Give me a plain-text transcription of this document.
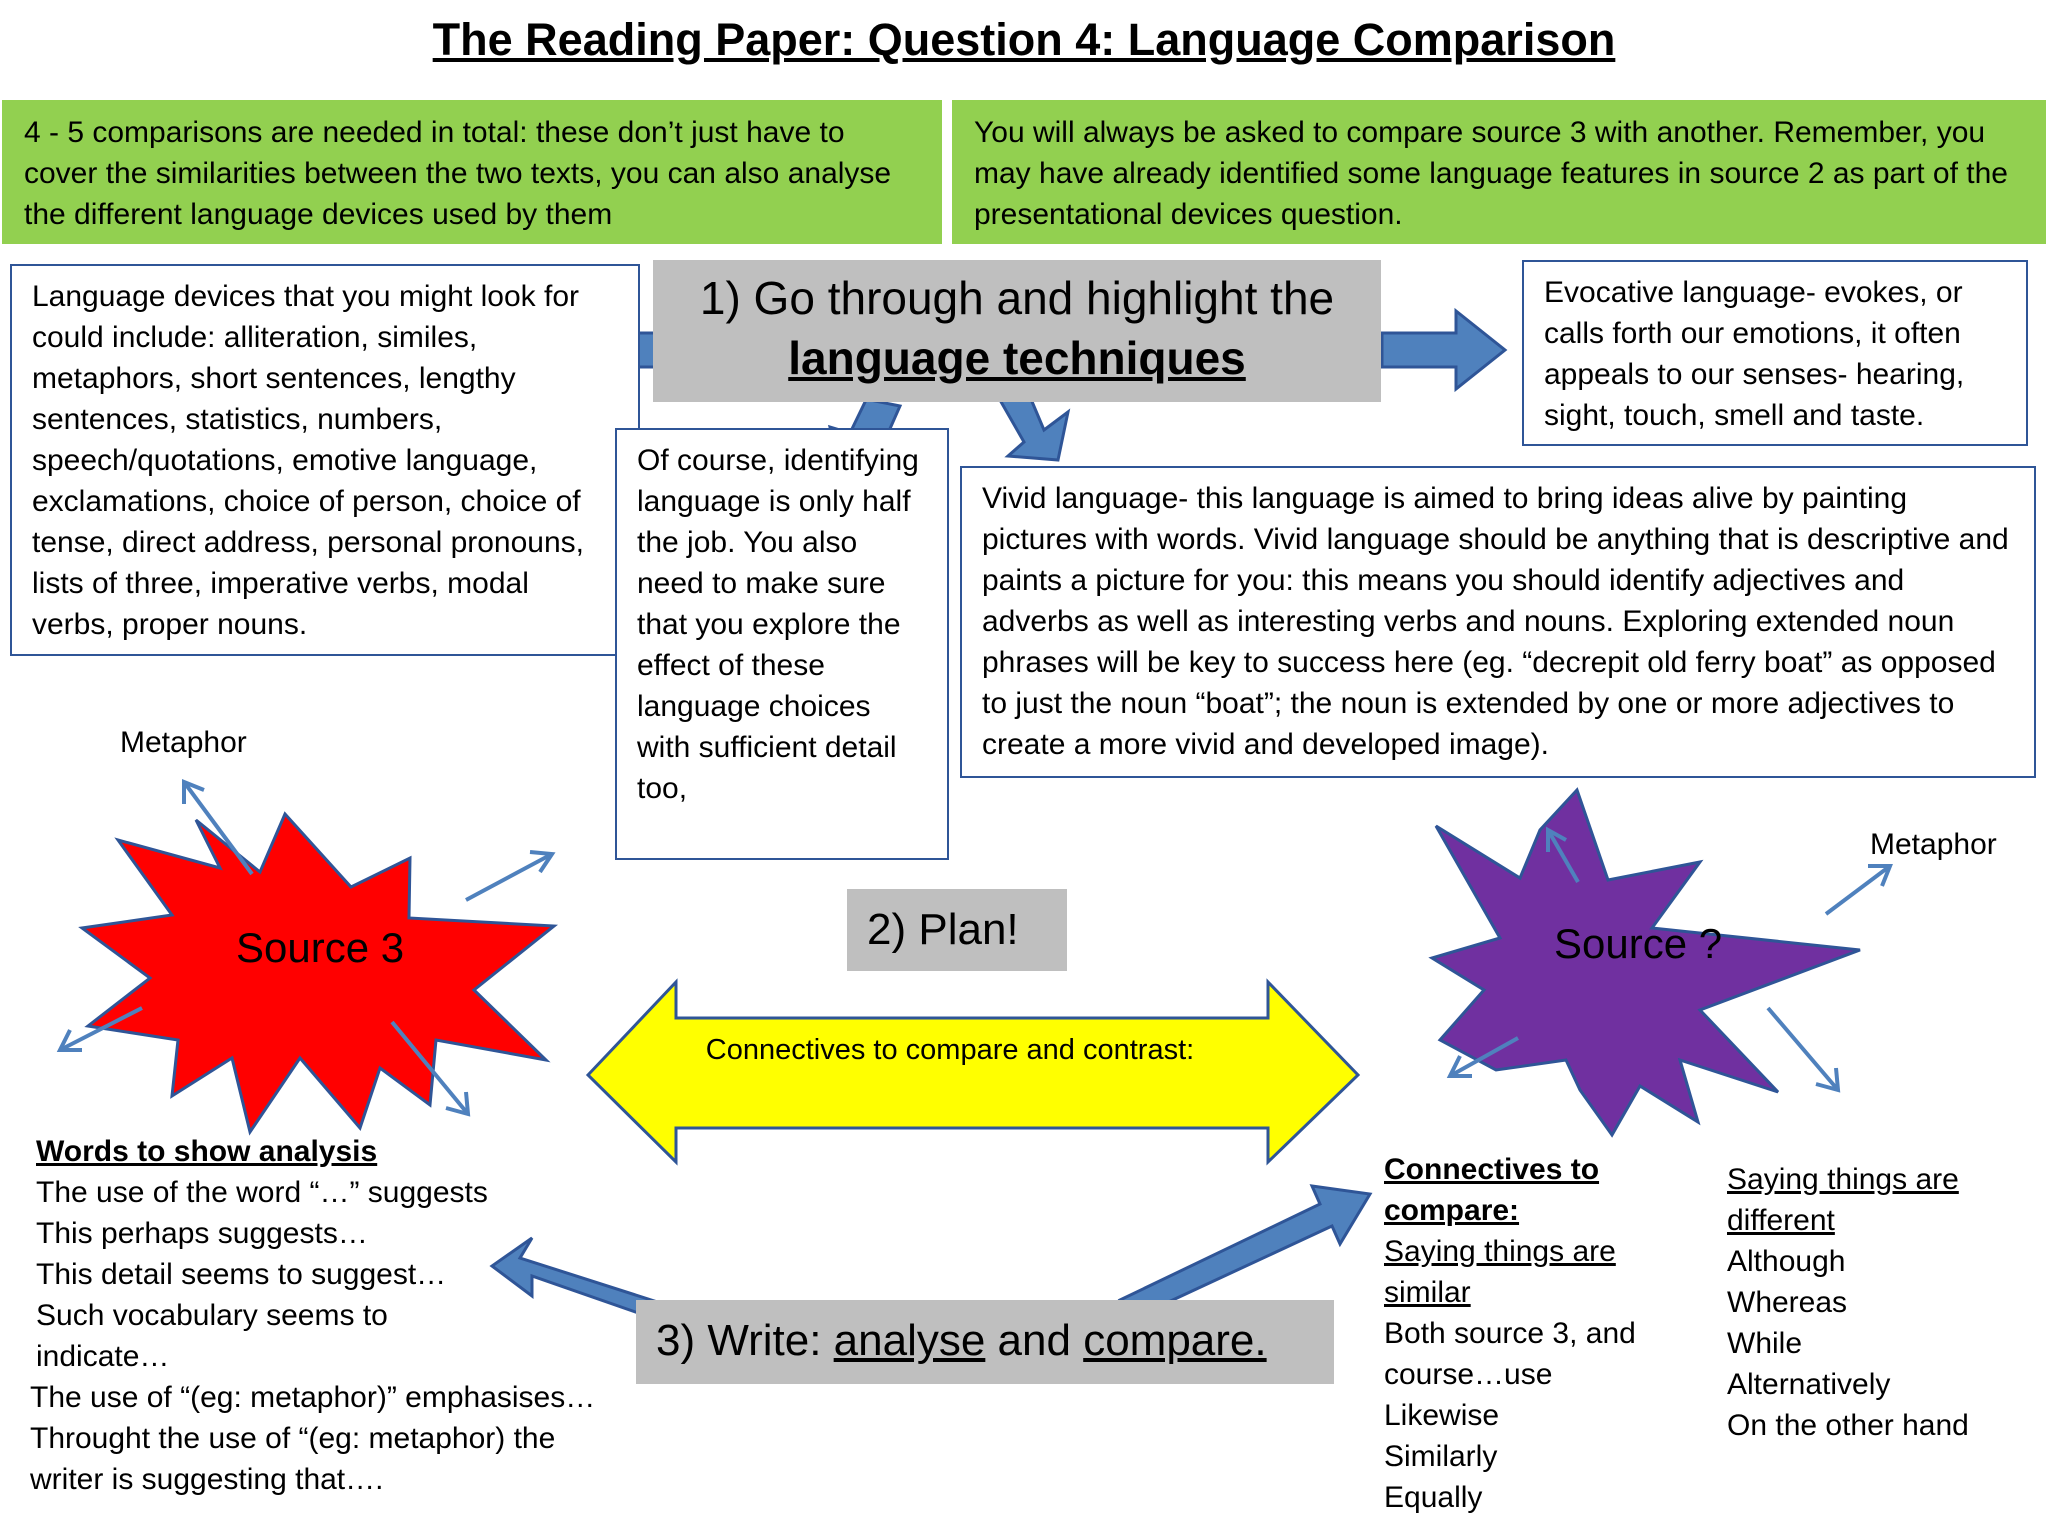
The Reading Paper: Question 4: Language Comparison
4 - 5 comparisons are needed in total: these don’t just have to cover the similarities between the two texts, you can also analyse the different language devices used by them
You will always be asked to compare source 3 with another. Remember, you may have already identified some language features in source 2 as part of the presentational devices question.
1) Go through and highlight the
language techniques
Language devices that you might look for could include: alliteration, similes, metaphors, short sentences, lengthy sentences, statistics, numbers, speech/quotations, emotive language, exclamations, choice of person, choice of tense, direct address, personal pronouns, lists of three, imperative verbs, modal verbs, proper nouns.
Of course, identifying language is only half the job. You also need to make sure that you explore the effect of these language choices with sufficient detail too,
Evocative language- evokes, or calls forth our emotions, it often appeals to our senses- hearing, sight, touch, smell and taste.
Vivid language- this language is aimed to bring ideas alive by painting pictures with words. Vivid language should be anything that is descriptive and paints a picture for you: this means you should identify adjectives and adverbs as well as interesting verbs and nouns. Exploring extended noun phrases will be key to success here (eg. “decrepit old ferry boat” as opposed to just the noun “boat”; the noun is extended by one or more adjectives to create a more vivid and developed image).
Metaphor
Metaphor
Source 3	Source ?
2) Plan!
Connectives to compare and contrast:
3) Write: analyse and compare.
Words to show analysis
The use of the word “…” suggests
This perhaps suggests…
This detail seems to suggest…
Such vocabulary seems to indicate…
The use of “(eg: metaphor)” emphasises…
Throught the use of “(eg: metaphor) the writer is suggesting that….
Connectives to compare:
Saying things are similar
Both source 3, and course…use
Likewise
Similarly
Equally
Saying things are different
Although
Whereas
While
Alternatively
On the other hand
